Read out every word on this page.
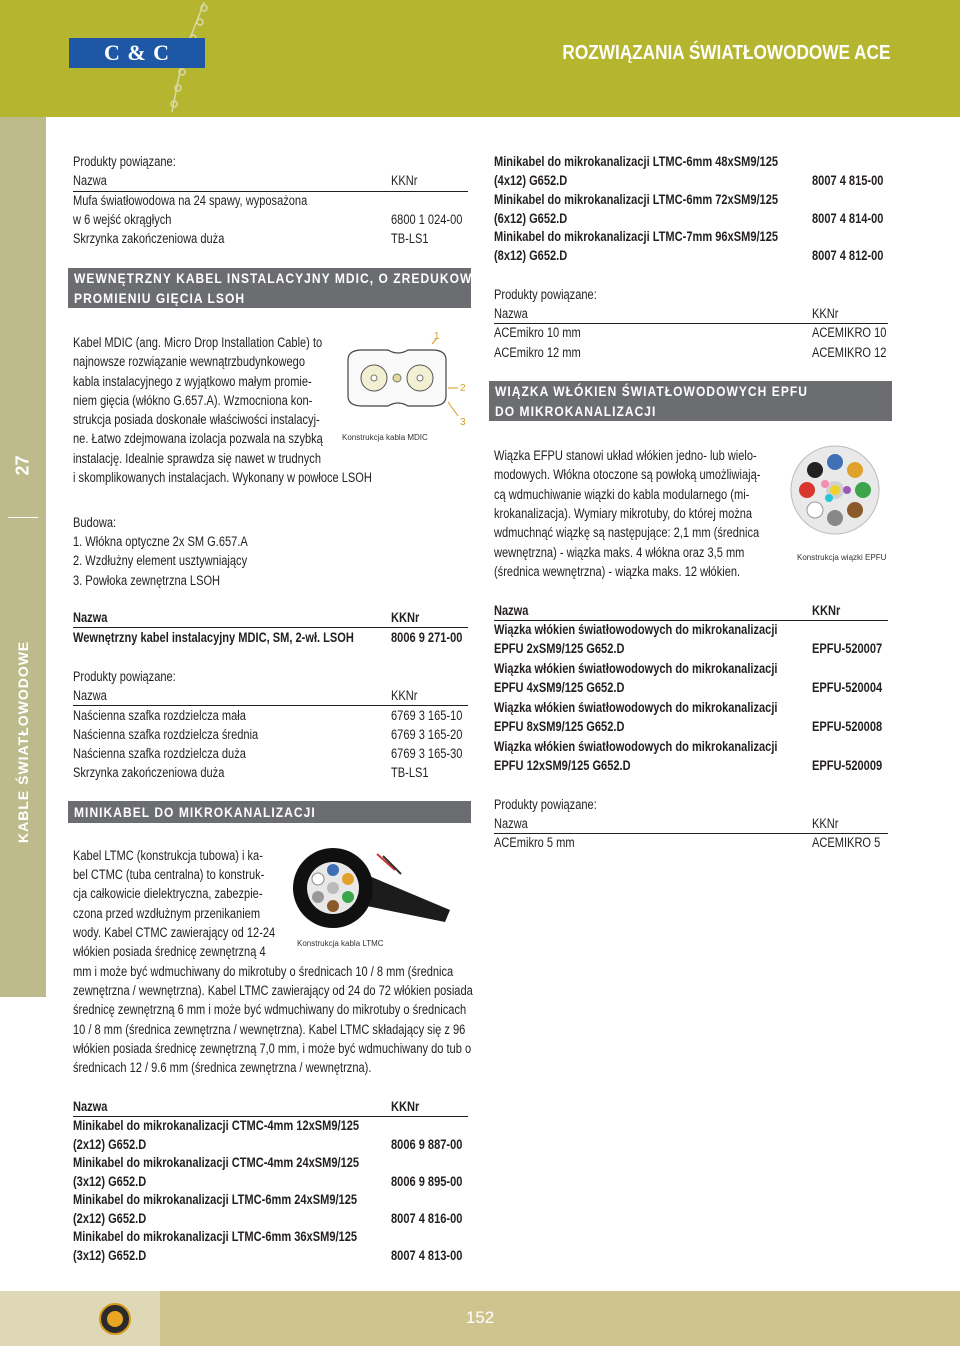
C & C	ROZWIĄZANIA ŚWIATŁOWODOWE ACE
27
KABLE ŚWIATŁOWODOWE
Produkty powiązane:
Nazwa	KKNr
Mufa światłowodowa na 24 spawy, wyposażona
w 6 wejść okrągłych	6800 1 024-00
Skrzynka zakończeniowa duża	TB-LS1
WEWNĘTRZNY KABEL INSTALACYJNY MDIC, O ZREDUKOWANYM
PROMIENIU GIĘCIA LSOH
Kabel MDIC (ang. Micro Drop Installation Cable) to
najnowsze rozwiązanie wewnątrzbudynkowego
kabla instalacyjnego z wyjątkowo małym promie-
niem gięcia (włókno G.657.A). Wzmocniona kon-
strukcja posiada doskonałe właściwości instalacyj-
ne. Łatwo zdejmowana izolacja pozwala na szybką
instalację. Idealnie sprawdza się nawet w trudnych
i skomplikowanych instalacjach. Wykonany w powłoce LSOH
1
2
3
Konstrukcja kabla MDIC
Budowa:
1. Włókna optyczne 2x SM G.657.A
2. Wzdłużny element usztywniający
3. Powłoka zewnętrzna LSOH
Nazwa	KKNr
Wewnętrzny kabel instalacyjny MDIC, SM, 2-wł. LSOH	8006 9 271-00
Produkty powiązane:
Nazwa	KKNr
Naścienna szafka rozdzielcza mała	6769 3 165-10
Naścienna szafka rozdzielcza średnia	6769 3 165-20
Naścienna szafka rozdzielcza duża	6769 3 165-30
Skrzynka zakończeniowa duża	TB-LS1
MINIKABEL DO MIKROKANALIZACJI
Kabel LTMC (konstrukcja tubowa) i ka-
bel CTMC (tuba centralna) to konstruk-
cja całkowicie dielektryczna, zabezpie-
czona przed wzdłużnym przenikaniem
wody. Kabel CTMC zawierający od 12-24
włókien posiada średnicę zewnętrzną 4
mm i może być wdmuchiwany do mikrotuby o średnicach 10 / 8 mm (średnica
zewnętrzna / wewnętrzna). Kabel LTMC zawierający od 24 do 72 włókien posiada
średnicę zewnętrzną 6 mm i może być wdmuchiwany do mikrotuby o średnicach
10 / 8 mm (średnica zewnętrzna / wewnętrzna). Kabel LTMC składający się z 96
włókien posiada średnicę zewnętrzną 7,0 mm, i może być wdmuchiwany do tub o
średnicach 12 / 9.6 mm (średnica zewnętrzna / wewnętrzna).
Konstrukcja kabla LTMC
Nazwa	KKNr
Minikabel do mikrokanalizacji CTMC-4mm 12xSM9/125
(2x12) G652.D	8006 9 887-00
Minikabel do mikrokanalizacji CTMC-4mm 24xSM9/125
(3x12) G652.D	8006 9 895-00
Minikabel do mikrokanalizacji LTMC-6mm 24xSM9/125
(2x12) G652.D	8007 4 816-00
Minikabel do mikrokanalizacji LTMC-6mm 36xSM9/125
(3x12) G652.D	8007 4 813-00
Minikabel do mikrokanalizacji LTMC-6mm 48xSM9/125
(4x12) G652.D	8007 4 815-00
Minikabel do mikrokanalizacji LTMC-6mm 72xSM9/125
(6x12) G652.D	8007 4 814-00
Minikabel do mikrokanalizacji LTMC-7mm 96xSM9/125
(8x12) G652.D	8007 4 812-00
Produkty powiązane:
Nazwa	KKNr
ACEmikro 10 mm	ACEMIKRO 10
ACEmikro 12 mm	ACEMIKRO 12
WIĄZKA WŁÓKIEN ŚWIATŁOWODOWYCH EPFU
DO MIKROKANALIZACJI
Wiązka EFPU stanowi układ włókien jedno- lub wielo-
modowych. Włókna otoczone są powłoką umożliwiają-
cą wdmuchiwanie wiązki do kabla modularnego (mi-
krokanalizacja). Wymiary mikrotuby, do której można
wdmuchnąć wiązkę są następujące: 2,1 mm (średnica
wewnętrzna) - wiązka maks. 4 włókna oraz 3,5 mm
(średnica wewnętrzna) - wiązka maks. 12 włókien.
Konstrukcja wiązki EPFU
Nazwa	KKNr
Wiązka włókien światłowodowych do mikrokanalizacji
EPFU 2xSM9/125 G652.D	EPFU-520007
Wiązka włókien światłowodowych do mikrokanalizacji
EPFU 4xSM9/125 G652.D	EPFU-520004
Wiązka włókien światłowodowych do mikrokanalizacji
EPFU 8xSM9/125 G652.D	EPFU-520008
Wiązka włókien światłowodowych do mikrokanalizacji
EPFU 12xSM9/125 G652.D	EPFU-520009
Produkty powiązane:
Nazwa	KKNr
ACEmikro 5 mm	ACEMIKRO 5
152
